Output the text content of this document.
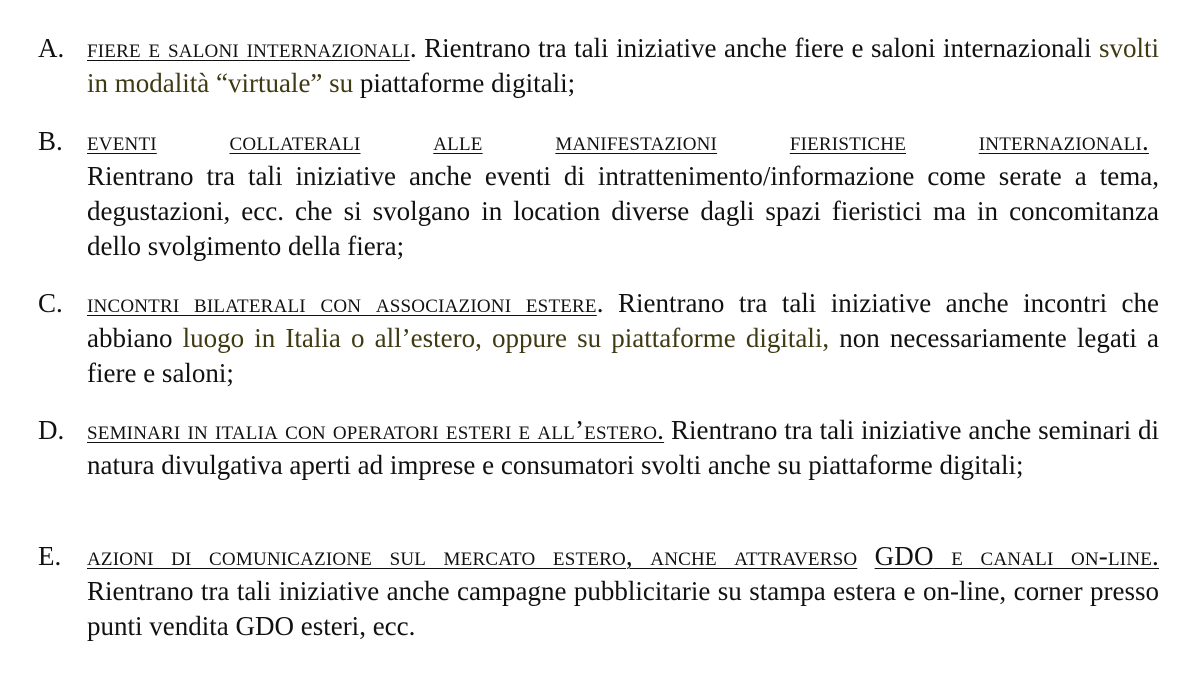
A. fiere e saloni internazionali. Rientrano tra tali iniziative anche fiere e saloni internazionali svolti in modalità “virtuale” su piattaforme digitali;
B. eventi	collaterali	alle	manifestazioni	fieristiche	internazionali.
Rientrano tra tali iniziative anche eventi di intrattenimento/informazione come serate a tema, degustazioni, ecc. che si svolgano in location diverse dagli spazi fieristici ma in concomitanza dello svolgimento della fiera;
C. incontri bilaterali con associazioni estere. Rientrano tra tali iniziative anche incontri che abbiano luogo in Italia o all’estero, oppure su piattaforme digitali, non necessariamente legati a fiere e saloni;
D. seminari in italia con operatori esteri e all’estero. Rientrano tra tali iniziative anche seminari di natura divulgativa aperti ad imprese e consumatori svolti anche su piattaforme digitali;
E. azioni di comunicazione sul mercato estero, anche attraverso GDO e canali on-line. Rientrano tra tali iniziative anche campagne pubblicitarie su stampa estera e on-line, corner presso punti vendita GDO esteri, ecc.
